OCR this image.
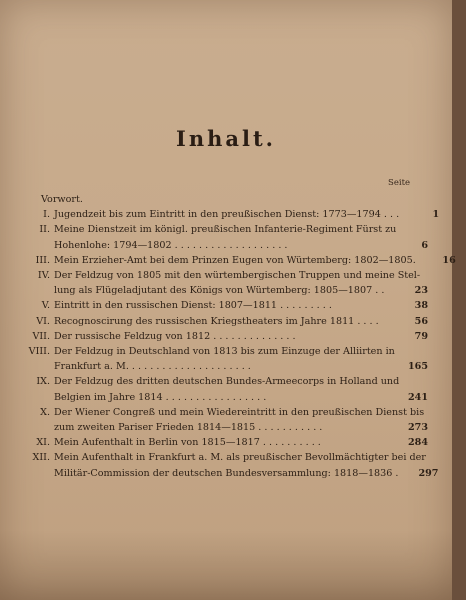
Inhalt.
Seite
Vorwort.
I. Jugendzeit bis zum Eintritt in den preußischen Dienst: 1773—1794 . . .	1
II. Meine Dienstzeit im königl. preußischen Infanterie-Regiment Fürst zu
Hohenlohe: 1794—1802 . . . . . . . . . . . . . . . . . . .	6
III. Mein Erzieher-Amt bei dem Prinzen Eugen von Würtemberg: 1802—1805.	16
IV. Der Feldzug von 1805 mit den würtembergischen Truppen und meine Stel-
lung als Flügeladjutant des Königs von Würtemberg: 1805—1807 . .	23
V. Eintritt in den russischen Dienst: 1807—1811 . . . . . . . . .	38
VI. Recognoscirung des russischen Kriegstheaters im Jahre 1811 . . . .	56
VII. Der russische Feldzug von 1812 . . . . . . . . . . . . . .	79
VIII. Der Feldzug in Deutschland von 1813 bis zum Einzuge der Alliirten in
Frankfurt a. M. . . . . . . . . . . . . . . . . . . . .	165
IX. Der Feldzug des dritten deutschen Bundes-Armeecorps in Holland und
Belgien im Jahre 1814 . . . . . . . . . . . . . . . . .	241
X. Der Wiener Congreß und mein Wiedereintritt in den preußischen Dienst bis
zum zweiten Pariser Frieden 1814—1815 . . . . . . . . . . .	273
XI. Mein Aufenthalt in Berlin von 1815—1817 . . . . . . . . . .	284
XII. Mein Aufenthalt in Frankfurt a. M. als preußischer Bevollmächtigter bei der
Militär-Commission der deutschen Bundesversammlung: 1818—1836 .	297
